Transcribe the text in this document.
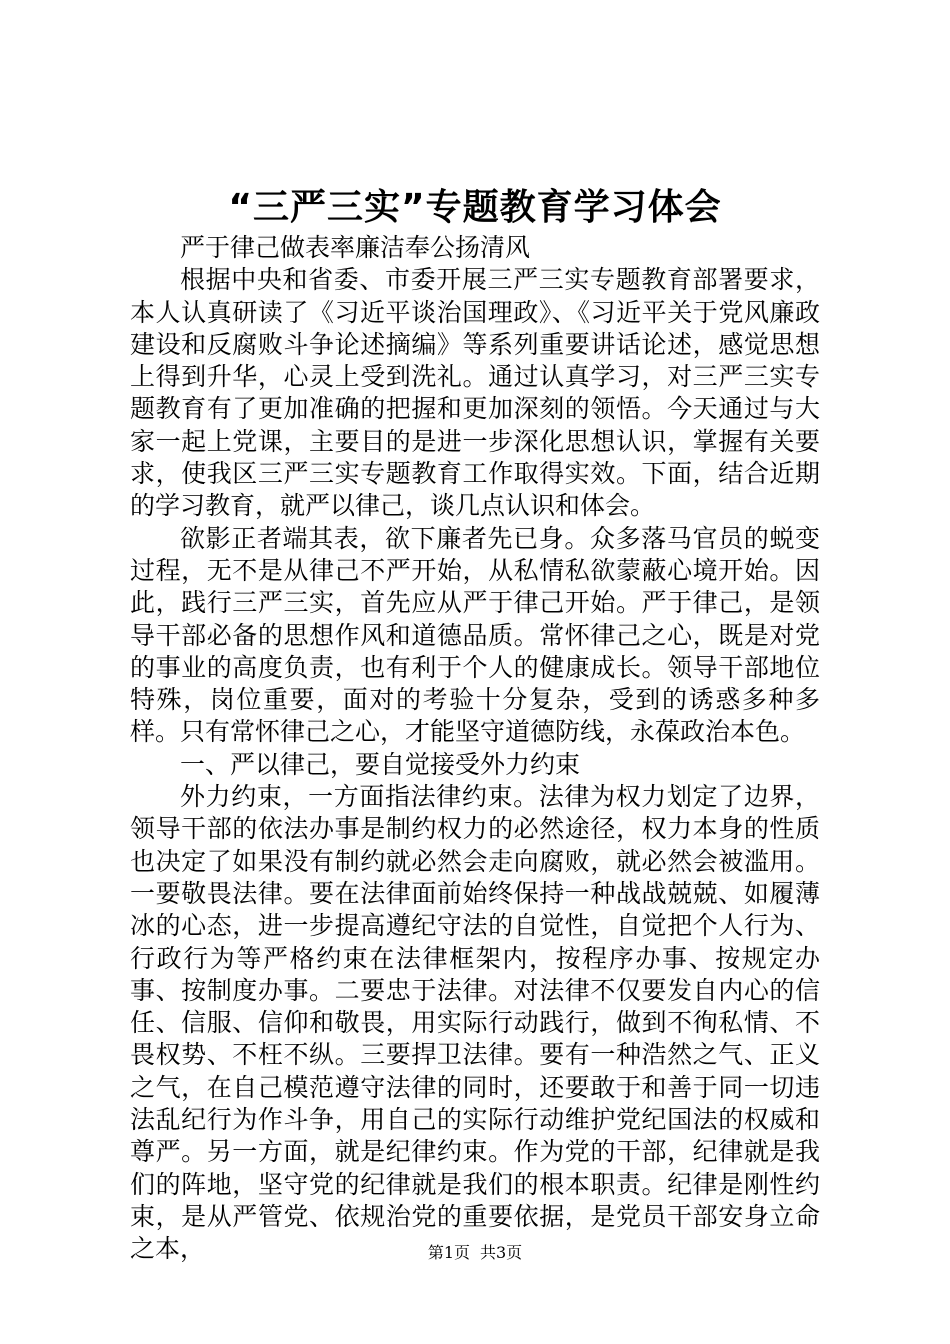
“三严三实”专题教育学习体会

严于律己做表率廉洁奉公扬清风

根据中央和省委、市委开展三严三实专题教育部署要求，本人认真研读了《习近平谈治国理政》、《习近平关于党风廉政建设和反腐败斗争论述摘编》等系列重要讲话论述，感觉思想上得到升华，心灵上受到洗礼。通过认真学习，对三严三实专题教育有了更加准确的把握和更加深刻的领悟。今天通过与大家一起上党课，主要目的是进一步深化思想认识，掌握有关要求，使我区三严三实专题教育工作取得实效。下面，结合近期的学习教育，就严以律己，谈几点认识和体会。

欲影正者端其表，欲下廉者先已身。众多落马官员的蜕变过程，无不是从律己不严开始，从私情私欲蒙蔽心境开始。因此，践行三严三实，首先应从严于律己开始。严于律己，是领导干部必备的思想作风和道德品质。常怀律己之心，既是对党的事业的高度负责，也有利于个人的健康成长。领导干部地位特殊，岗位重要，面对的考验十分复杂，受到的诱惑多种多样。只有常怀律己之心，才能坚守道德防线，永葆政治本色。

一、严以律己，要自觉接受外力约束

外力约束，一方面指法律约束。法律为权力划定了边界，领导干部的依法办事是制约权力的必然途径，权力本身的性质也决定了如果没有制约就必然会走向腐败，就必然会被滥用。一要敬畏法律。要在法律面前始终保持一种战战兢兢、如履薄冰的心态，进一步提高遵纪守法的自觉性，自觉把个人行为、行政行为等严格约束在法律框架内，按程序办事、按规定办事、按制度办事。二要忠于法律。对法律不仅要发自内心的信任、信服、信仰和敬畏，用实际行动践行，做到不徇私情、不畏权势、不枉不纵。三要捍卫法律。要有一种浩然之气、正义之气，在自己模范遵守法律的同时，还要敢于和善于同一切违法乱纪行为作斗争，用自己的实际行动维护党纪国法的权威和尊严。另一方面，就是纪律约束。作为党的干部，纪律就是我们的阵地，坚守党的纪律就是我们的根本职责。纪律是刚性约束，是从严管党、依规治党的重要依据，是党员干部安身立命之本，	第1页 共3页
